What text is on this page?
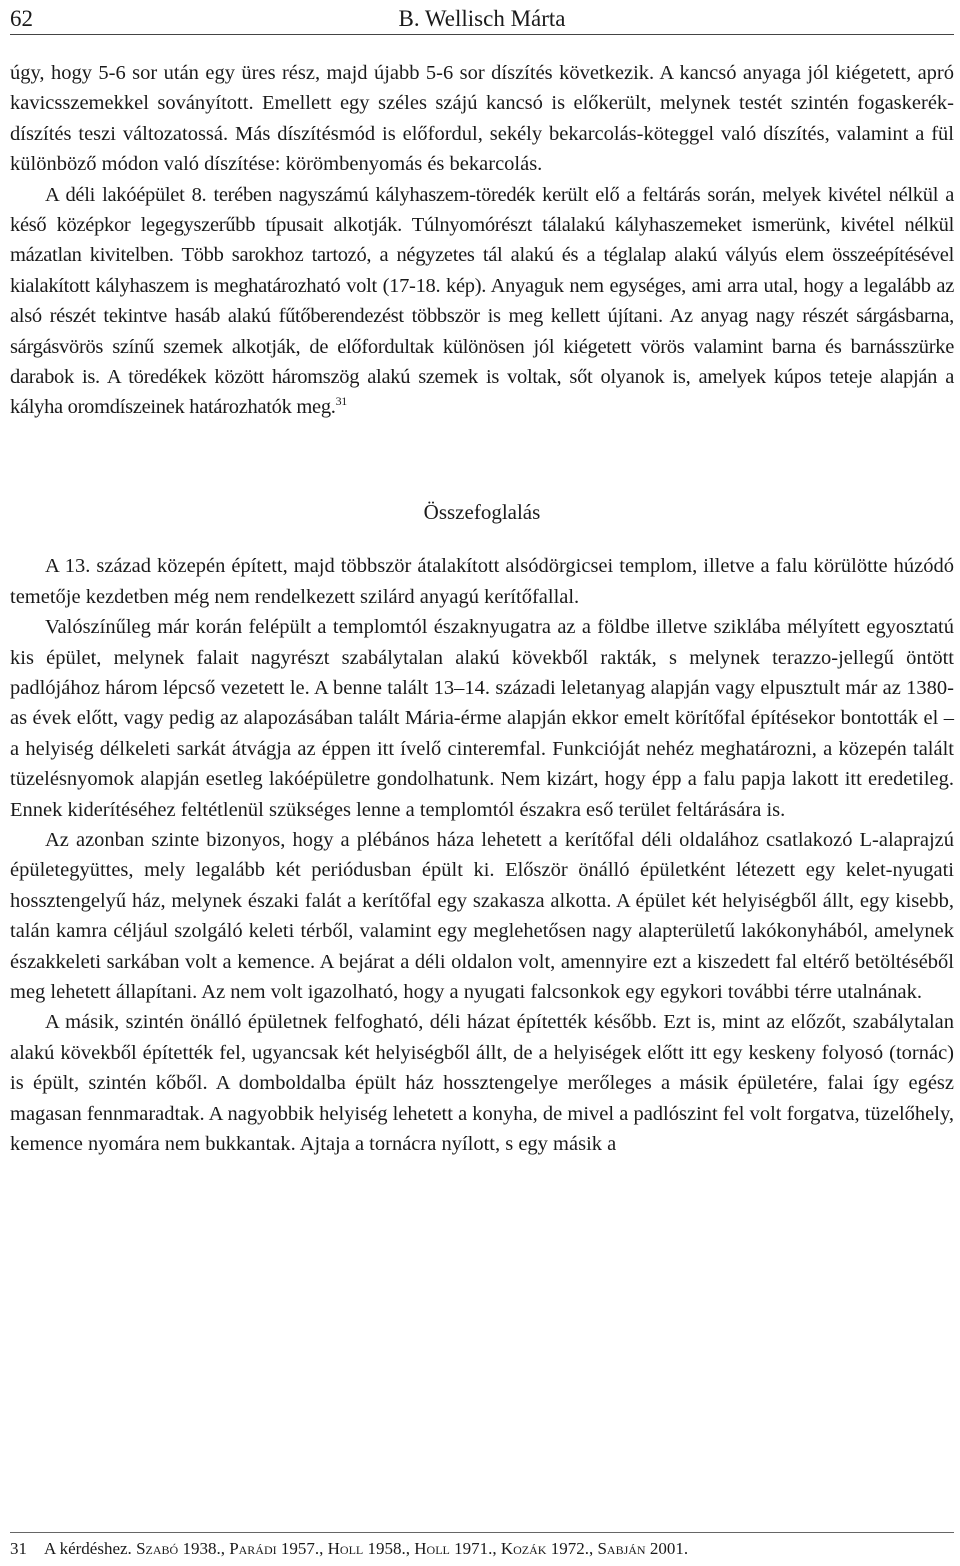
62	B. Wellisch Márta

úgy, hogy 5-6 sor után egy üres rész, majd újabb 5-6 sor díszítés következik. A kancsó anyaga jól kiégetett, apró kavicsszemekkel soványított. Emellett egy széles szájú kancsó is előkerült, melynek testét szintén fogaskerék-díszítés teszi változatossá. Más díszítésmód is előfordul, sekély bekarcolás-köteggel való díszítés, valamint a fül különböző módon való díszítése: körömbenyomás és bekarcolás.

A déli lakóépület 8. terében nagyszámú kályhaszem-töredék került elő a feltárás során, melyek kivétel nélkül a késő középkor legegyszerűbb típusait alkotják. Túlnyomórészt tálalakú kályhaszemeket ismerünk, kivétel nélkül mázatlan kivitelben. Több sarokhoz tartozó, a négyzetes tál alakú és a téglalap alakú vályús elem összeépítésével kialakított kályhaszem is meghatározható volt (17-18. kép). Anyaguk nem egységes, ami arra utal, hogy a legalább az alsó részét tekintve hasáb alakú fűtőberendezést többször is meg kellett újítani. Az anyag nagy részét sárgásbarna, sárgásvörös színű szemek alkotják, de előfordultak különösen jól kiégetett vörös valamint barna és barnásszürke darabok is. A töredékek között háromszög alakú szemek is voltak, sőt olyanok is, amelyek kúpos teteje alapján a kályha oromdíszeinek határozhatók meg.$^{31}$

Összefoglalás

A 13. század közepén épített, majd többször átalakított alsódörgicsei templom, illetve a falu körülötte húzódó temetője kezdetben még nem rendelkezett szilárd anyagú kerítőfallal.

Valószínűleg már korán felépült a templomtól északnyugatra az a földbe illetve sziklába mélyített egyosztatú kis épület, melynek falait nagyrészt szabálytalan alakú kövekből rakták, s melynek terazzo-jellegű öntött padlójához három lépcső vezetett le. A benne talált 13–14. századi leletanyag alapján vagy elpusztult már az 1380-as évek előtt, vagy pedig az alapozásában talált Mária-érme alapján ekkor emelt körítőfal építésekor bontották el – a helyiség délkeleti sarkát átvágja az éppen itt ívelő cinteremfal. Funkcióját nehéz meghatározni, a közepén talált tüzelésnyomok alapján esetleg lakóépületre gondolhatunk. Nem kizárt, hogy épp a falu papja lakott itt eredetileg. Ennek kiderítéséhez feltétlenül szükséges lenne a templomtól északra eső terület feltárására is.

Az azonban szinte bizonyos, hogy a plébános háza lehetett a kerítőfal déli oldalához csatlakozó L-alaprajzú épületegyüttes, mely legalább két periódusban épült ki. Először önálló épületként létezett egy kelet-nyugati hossztengelyű ház, melynek északi falát a kerítőfal egy szakasza alkotta. A épület két helyiségből állt, egy kisebb, talán kamra céljául szolgáló keleti térből, valamint egy meglehetősen nagy alapterületű lakókonyhából, amelynek északkeleti sarkában volt a kemence. A bejárat a déli oldalon volt, amennyire ezt a kiszedett fal eltérő betöltéséből meg lehetett állapítani. Az nem volt igazolható, hogy a nyugati falcsonkok egy egykori további térre utalnának.

A másik, szintén önálló épületnek felfogható, déli házat építették később. Ezt is, mint az előzőt, szabálytalan alakú kövekből építették fel, ugyancsak két helyiségből állt, de a helyiségek előtt itt egy keskeny folyosó (tornác) is épült, szintén kőből. A domboldalba épült ház hossztengelye merőleges a másik épületére, falai így egész magasan fennmaradtak. A nagyobbik helyiség lehetett a konyha, de mivel a padlószint fel volt forgatva, tüzelőhely, kemence nyomára nem bukkantak. Ajtaja a tornácra nyílott, s egy másik a

31 A kérdéshez. Szabó 1938., Parádi 1957., Holl 1958., Holl 1971., Kozák 1972., Sabján 2001.
